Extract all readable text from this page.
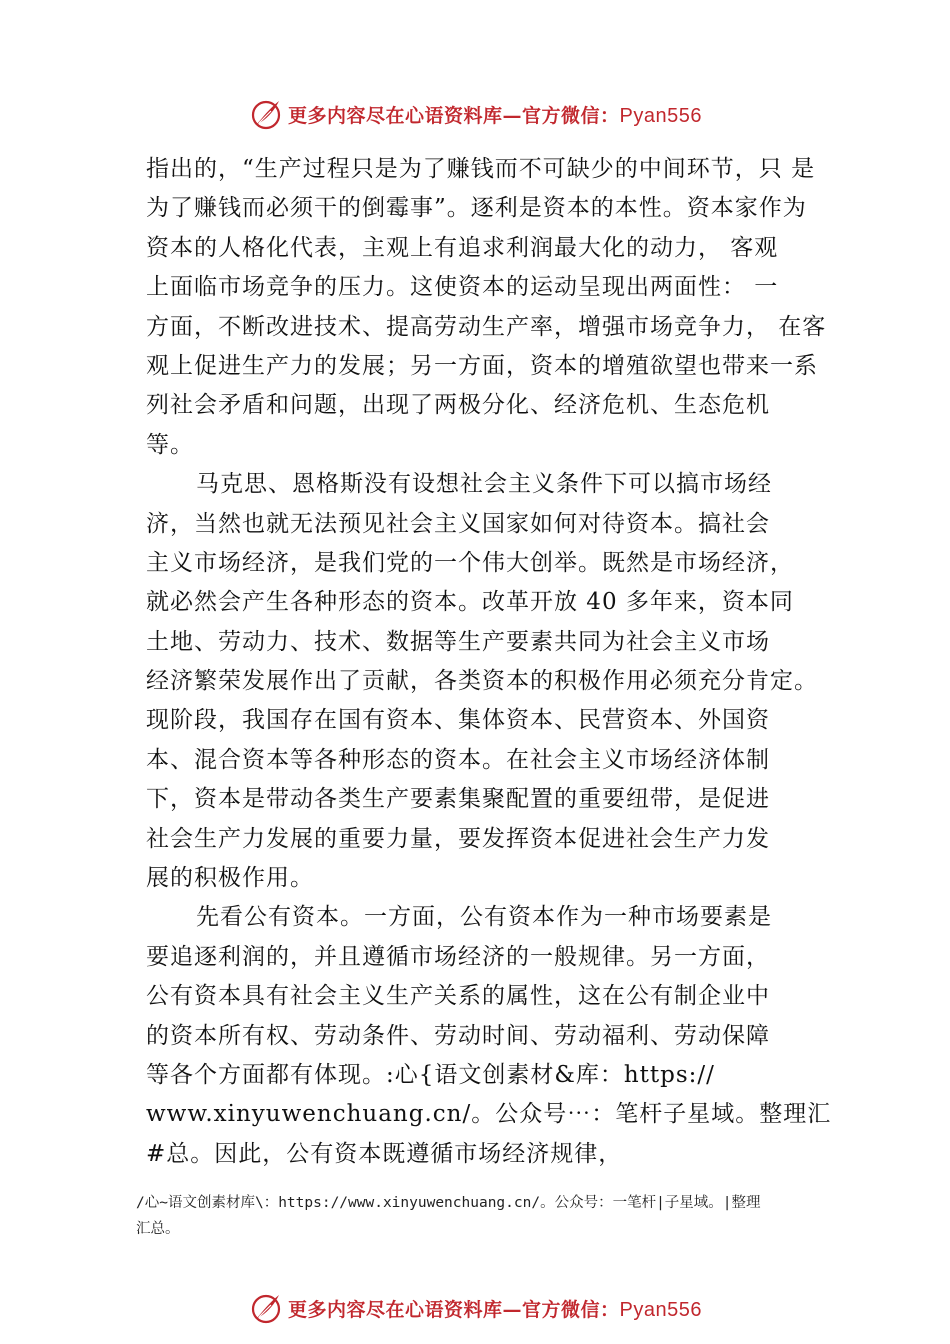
更多内容尽在心语资料库—官方微信：Pyan556
指出的，“生产过程只是为了赚钱而不可缺少的中间环节，只 是
为了赚钱而必须干的倒霉事”。逐利是资本的本性。资本家作为
资本的人格化代表，主观上有追求利润最大化的动力， 客观
上面临市场竞争的压力。这使资本的运动呈现出两面性： 一
方面，不断改进技术、提高劳动生产率，增强市场竞争力， 在客
观上促进生产力的发展；另一方面，资本的增殖欲望也带来一系
列社会矛盾和问题，出现了两极分化、经济危机、生态危机
等。
马克思、恩格斯没有设想社会主义条件下可以搞市场经
济，当然也就无法预见社会主义国家如何对待资本。搞社会
主义市场经济，是我们党的一个伟大创举。既然是市场经济，
就必然会产生各种形态的资本。改革开放 40 多年来，资本同
土地、劳动力、技术、数据等生产要素共同为社会主义市场
经济繁荣发展作出了贡献，各类资本的积极作用必须充分肯定。
现阶段，我国存在国有资本、集体资本、民营资本、外国资
本、混合资本等各种形态的资本。在社会主义市场经济体制
下，资本是带动各类生产要素集聚配置的重要纽带，是促进
社会生产力发展的重要力量，要发挥资本促进社会生产力发
展的积极作用。
先看公有资本。一方面，公有资本作为一种市场要素是
要追逐利润的，并且遵循市场经济的一般规律。另一方面，
公有资本具有社会主义生产关系的属性，这在公有制企业中
的资本所有权、劳动条件、劳动时间、劳动福利、劳动保障
等各个方面都有体现。:心{语文创素材&库：https://
www.xinyuwenchuang.cn/。公众号⋯：笔杆子星域。整理汇
#总。因此，公有资本既遵循市场经济规律，
/心~语文创素材库\：https://www.xinyuwenchuang.cn/。公众号：一笔杆|子星域。|整理
汇总。
更多内容尽在心语资料库—官方微信：Pyan556
